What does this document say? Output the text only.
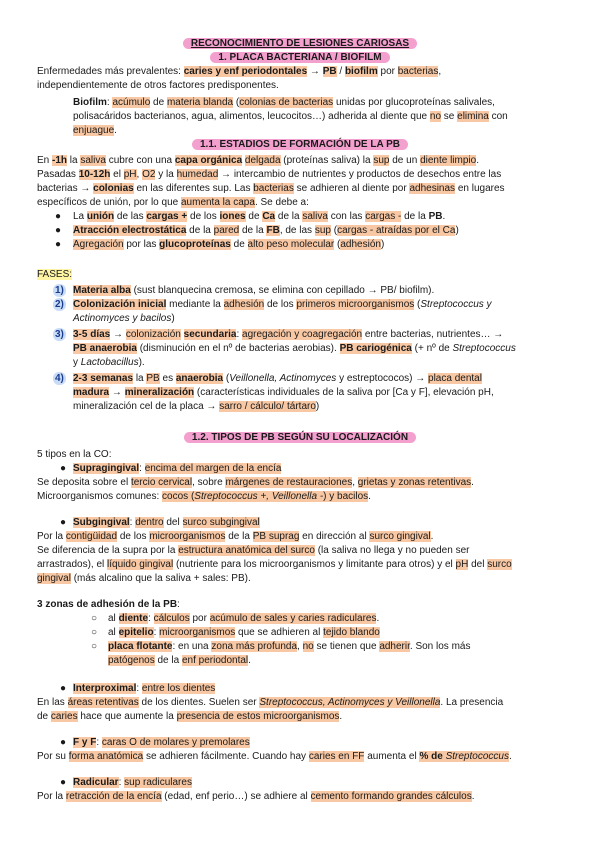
RECONOCIMIENTO DE LESIONES CARIOSAS
1. PLACA BACTERIANA / BIOFILM
Enfermedades más prevalentes: caries y enf periodontales → PB / biofilm por bacterias,
independientemente de otros factores predisponentes.
Biofilm: acúmulo de materia blanda (colonias de bacterias unidas por glucoproteínas salivales,
polisacáridos bacterianos, agua, alimentos, leucocitos…) adherida al diente que no se elimina con
enjuague.
1.1. ESTADIOS DE FORMACIÓN DE LA PB
En -1h la saliva cubre con una capa orgánica delgada (proteínas saliva) la sup de un diente limpio.
Pasadas 10-12h el pH, O2 y la humedad → intercambio de nutrientes y productos de desechos entre las
bacterias → colonias en las diferentes sup. Las bacterias se adhieren al diente por adhesinas en lugares
específicos de unión, por lo que aumenta la capa. Se debe a:
● La unión de las cargas + de los iones de Ca de la saliva con las cargas - de la PB.
● Atracción electrostática de la pared de la FB, de las sup (cargas - atraídas por el Ca)
● Agregación por las glucoproteínas de alto peso molecular (adhesión)
FASES:
1) Materia alba (sust blanquecina cremosa, se elimina con cepillado → PB/ biofilm).
2) Colonización inicial mediante la adhesión de los primeros microorganismos (Streptococcus y
Actinomyces y bacilos)
3) 3-5 días → colonización secundaria: agregación y coagregación entre bacterias, nutrientes… →
PB anaerobia (disminución en el nº de bacterias aerobias). PB cariogénica (+ nº de Streptococcus
y Lactobacillus).
4) 2-3 semanas la PB es anaerobia (Veillonella, Actinomyces y estreptococos) → placa dental
madura → mineralización (características individuales de la saliva por [Ca y F], elevación pH,
mineralización cel de la placa → sarro / cálculo/ tártaro)
1.2. TIPOS DE PB SEGÚN SU LOCALIZACIÓN
5 tipos en la CO:
● Supragingival: encima del margen de la encía
Se deposita sobre el tercio cervical, sobre márgenes de restauraciones, grietas y zonas retentivas.
Microorganismos comunes: cocos (Streptococcus +, Veillonella -) y bacilos.
● Subgingival: dentro del surco subgingival
Por la contigüidad de los microorganismos de la PB suprag en dirección al surco gingival.
Se diferencia de la supra por la estructura anatómica del surco (la saliva no llega y no pueden ser
arrastrados), el líquido gingival (nutriente para los microorganismos y limitante para otros) y el pH del surco
gingival (más alcalino que la saliva + sales: PB).
3 zonas de adhesión de la PB:
○ al diente: cálculos por acúmulo de sales y caries radiculares.
○ al epitelio: microorganismos que se adhieren al tejido blando
○ placa flotante: en una zona más profunda, no se tienen que adherir. Son los más
patógenos de la enf periodontal.
● Interproximal: entre los dientes
En las áreas retentivas de los dientes. Suelen ser Streptococcus, Actinomyces y Veillonella. La presencia
de caries hace que aumente la presencia de estos microorganismos.
● F y F: caras O de molares y premolares
Por su forma anatómica se adhieren fácilmente. Cuando hay caries en FF aumenta el % de Streptococcus.
● Radicular: sup radiculares
Por la retracción de la encía (edad, enf perio…) se adhiere al cemento formando grandes cálculos.
